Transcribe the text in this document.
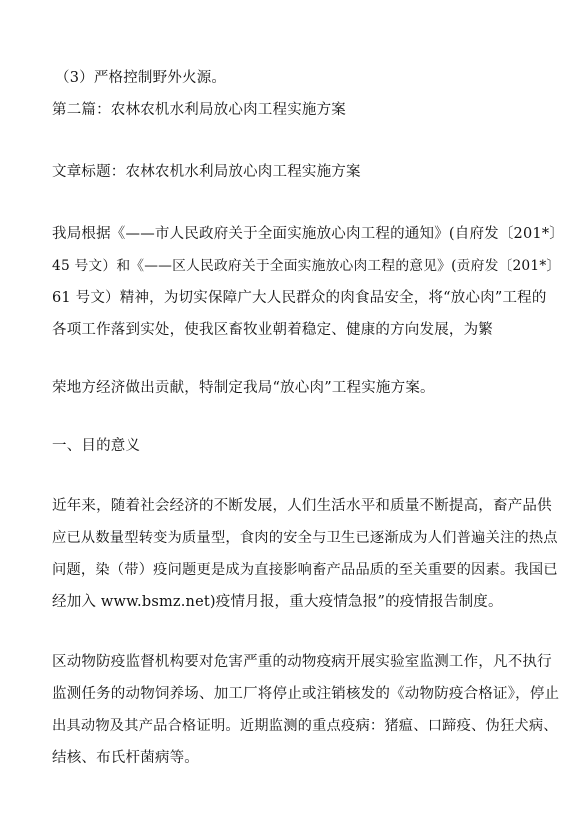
（3）严格控制野外火源。
第二篇：农林农机水利局放心肉工程实施方案
文章标题：农林农机水利局放心肉工程实施方案
我局根据《——市人民政府关于全面实施放心肉工程的通知》(自府发〔201*〕
45 号文）和《——区人民政府关于全面实施放心肉工程的意见》(贡府发〔201*〕
61 号文）精神，为切实保障广大人民群众的肉食品安全，将“放心肉”工程的
各项工作落到实处，使我区畜牧业朝着稳定、健康的方向发展，为繁
荣地方经济做出贡献，特制定我局“放心肉”工程实施方案。
一、目的意义
近年来，随着社会经济的不断发展，人们生活水平和质量不断提高，畜产品供
应已从数量型转变为质量型，食肉的安全与卫生已逐渐成为人们普遍关注的热点
问题，染（带）疫问题更是成为直接影响畜产品品质的至关重要的因素。我国已
经加入 www.bsmz.net)疫情月报，重大疫情急报”的疫情报告制度。
区动物防疫监督机构要对危害严重的动物疫病开展实验室监测工作，凡不执行
监测任务的动物饲养场、加工厂将停止或注销核发的《动物防疫合格证》，停止
出具动物及其产品合格证明。近期监测的重点疫病：猪瘟、口蹄疫、伪狂犬病、
结核、布氏杆菌病等。
